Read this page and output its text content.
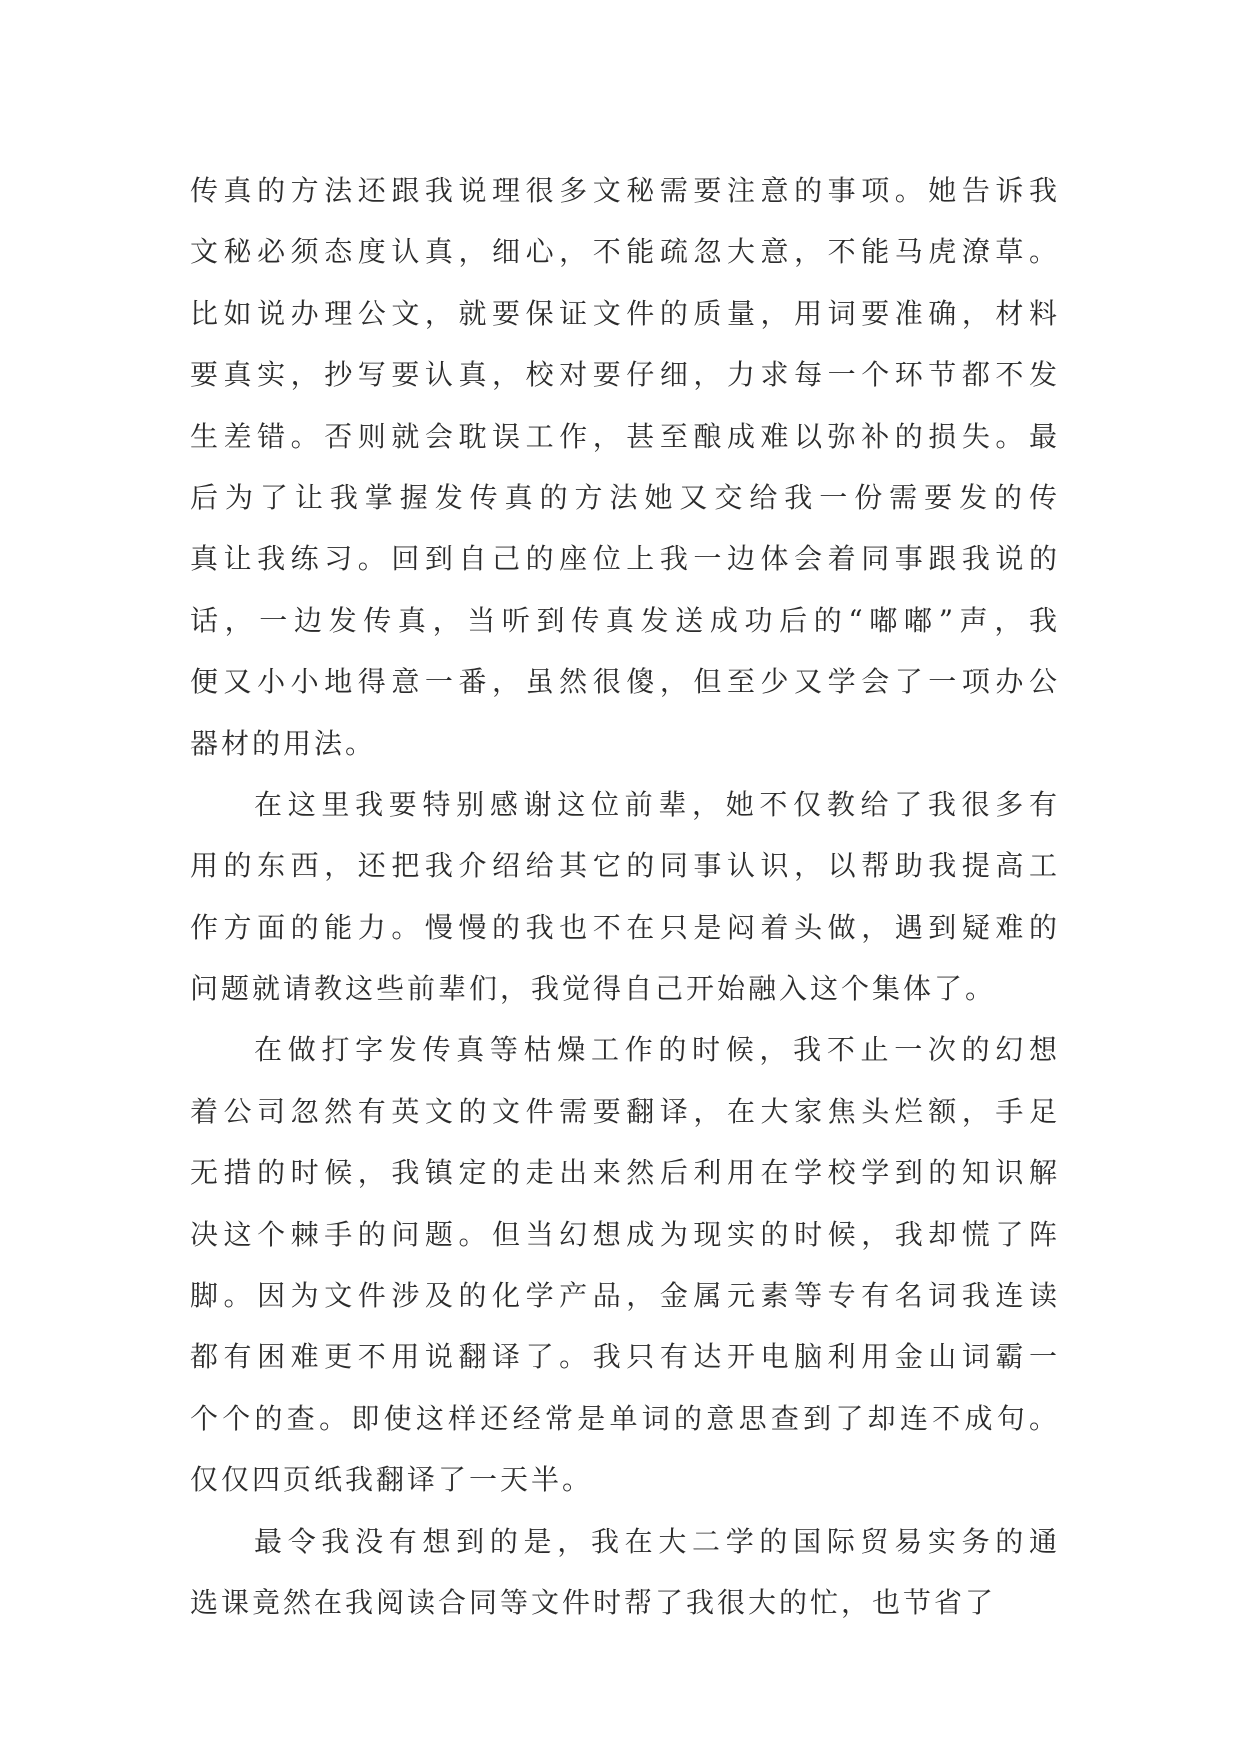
传真的方法还跟我说理很多文秘需要注意的事项。她告诉我
文秘必须态度认真，细心，不能疏忽大意，不能马虎潦草。
比如说办理公文，就要保证文件的质量，用词要准确，材料
要真实，抄写要认真，校对要仔细，力求每一个环节都不发
生差错。否则就会耽误工作，甚至酿成难以弥补的损失。最
后为了让我掌握发传真的方法她又交给我一份需要发的传
真让我练习。回到自己的座位上我一边体会着同事跟我说的
话，一边发传真，当听到传真发送成功后的“嘟嘟”声，我
便又小小地得意一番，虽然很傻，但至少又学会了一项办公
器材的用法。
在这里我要特别感谢这位前辈，她不仅教给了我很多有
用的东西，还把我介绍给其它的同事认识，以帮助我提高工
作方面的能力。慢慢的我也不在只是闷着头做，遇到疑难的
问题就请教这些前辈们，我觉得自己开始融入这个集体了。
在做打字发传真等枯燥工作的时候，我不止一次的幻想
着公司忽然有英文的文件需要翻译，在大家焦头烂额，手足
无措的时候，我镇定的走出来然后利用在学校学到的知识解
决这个棘手的问题。但当幻想成为现实的时候，我却慌了阵
脚。因为文件涉及的化学产品，金属元素等专有名词我连读
都有困难更不用说翻译了。我只有达开电脑利用金山词霸一
个个的查。即使这样还经常是单词的意思查到了却连不成句。
仅仅四页纸我翻译了一天半。
最令我没有想到的是，我在大二学的国际贸易实务的通
选课竟然在我阅读合同等文件时帮了我很大的忙，也节省了
